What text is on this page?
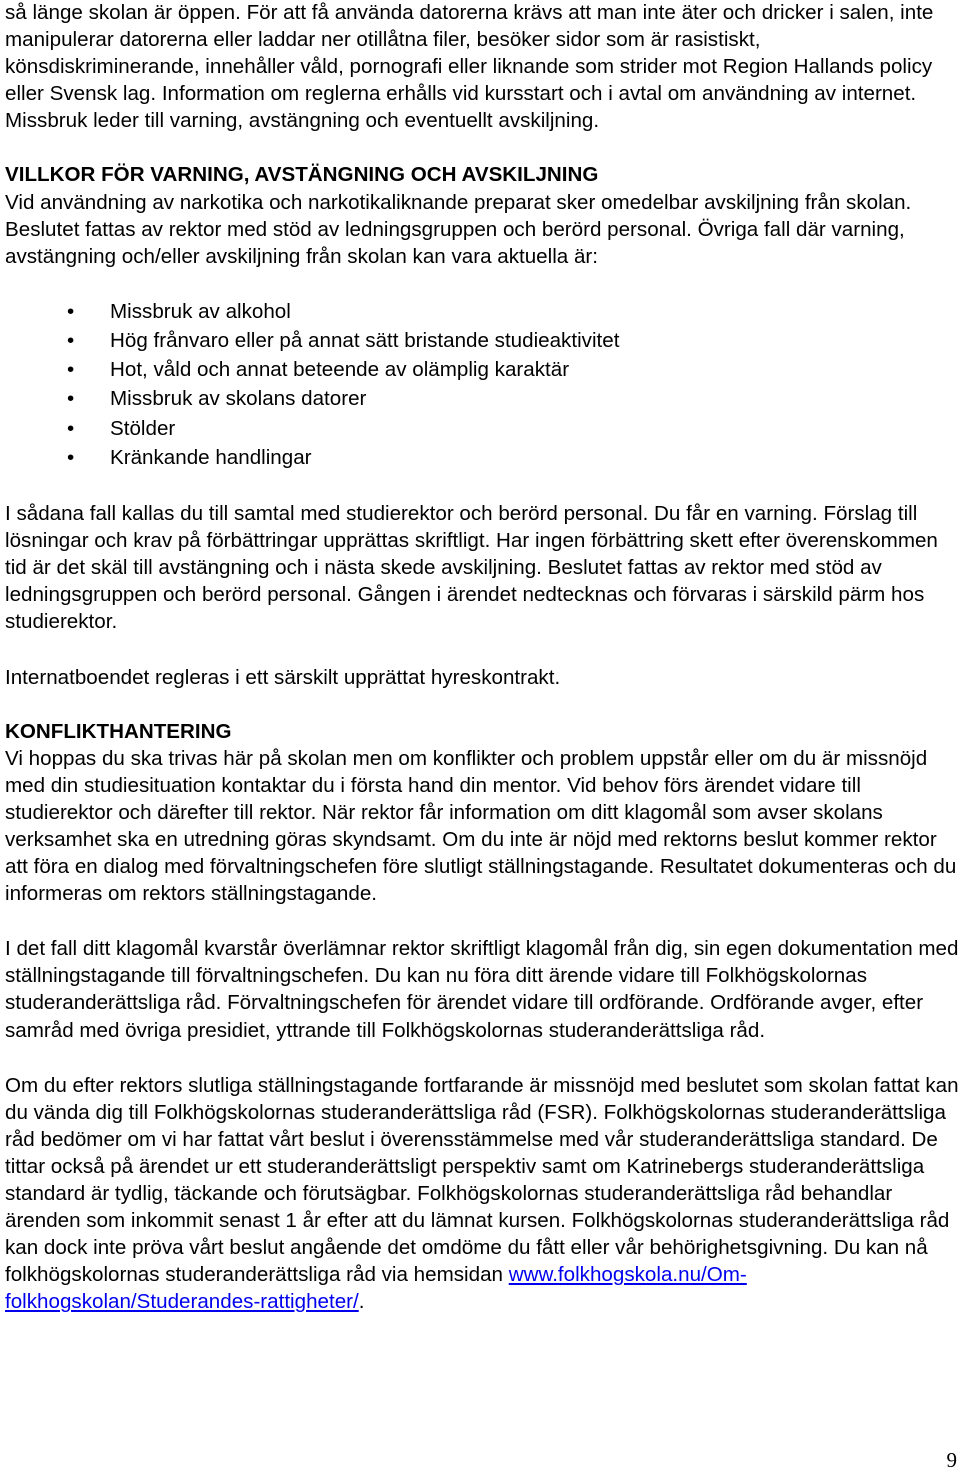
så länge skolan är öppen. För att få använda datorerna krävs att man inte äter och dricker i salen, inte manipulerar datorerna eller laddar ner otillåtna filer, besöker sidor som är rasistiskt, könsdiskriminerande, innehåller våld, pornografi eller liknande som strider mot Region Hallands policy eller Svensk lag. Information om reglerna erhålls vid kursstart och i avtal om användning av internet. Missbruk leder till varning, avstängning och eventuellt avskiljning.

VILLKOR FÖR VARNING, AVSTÄNGNING OCH AVSKILJNING

Vid användning av narkotika och narkotikaliknande preparat sker omedelbar avskiljning från skolan. Beslutet fattas av rektor med stöd av ledningsgruppen och berörd personal. Övriga fall där varning, avstängning och/eller avskiljning från skolan kan vara aktuella är:

• Missbruk av alkohol
• Hög frånvaro eller på annat sätt bristande studieaktivitet
• Hot, våld och annat beteende av olämplig karaktär
• Missbruk av skolans datorer
• Stölder
• Kränkande handlingar

I sådana fall kallas du till samtal med studierektor och berörd personal. Du får en varning. Förslag till lösningar och krav på förbättringar upprättas skriftligt. Har ingen förbättring skett efter överenskommen tid är det skäl till avstängning och i nästa skede avskiljning. Beslutet fattas av rektor med stöd av ledningsgruppen och berörd personal. Gången i ärendet nedtecknas och förvaras i särskild pärm hos studierektor.

Internatboendet regleras i ett särskilt upprättat hyreskontrakt.

KONFLIKTHANTERING

Vi hoppas du ska trivas här på skolan men om konflikter och problem uppstår eller om du är missnöjd med din studiesituation kontaktar du i första hand din mentor. Vid behov förs ärendet vidare till studierektor och därefter till rektor. När rektor får information om ditt klagomål som avser skolans verksamhet ska en utredning göras skyndsamt. Om du inte är nöjd med rektorns beslut kommer rektor att föra en dialog med förvaltningschefen före slutligt ställningstagande. Resultatet dokumenteras och du informeras om rektors ställningstagande.

I det fall ditt klagomål kvarstår överlämnar rektor skriftligt klagomål från dig, sin egen dokumentation med ställningstagande till förvaltningschefen. Du kan nu föra ditt ärende vidare till Folkhögskolornas studeranderättsliga råd. Förvaltningschefen för ärendet vidare till ordförande. Ordförande avger, efter samråd med övriga presidiet, yttrande till Folkhögskolornas studeranderättsliga råd.

Om du efter rektors slutliga ställningstagande fortfarande är missnöjd med beslutet som skolan fattat kan du vända dig till Folkhögskolornas studeranderättsliga råd (FSR). Folkhögskolornas studeranderättsliga råd bedömer om vi har fattat vårt beslut i överensstämmelse med vår studeranderättsliga standard. De tittar också på ärendet ur ett studeranderättsligt perspektiv samt om Katrinebergs studeranderättsliga standard är tydlig, täckande och förutsägbar. Folkhögskolornas studeranderättsliga råd behandlar ärenden som inkommit senast 1 år efter att du lämnat kursen. Folkhögskolornas studeranderättsliga råd kan dock inte pröva vårt beslut angående det omdöme du fått eller vår behörighetsgivning. Du kan nå folkhögskolornas studeranderättsliga råd via hemsidan www.folkhogskola.nu/Om-folkhogskolan/Studerandes-rattigheter/.

9
